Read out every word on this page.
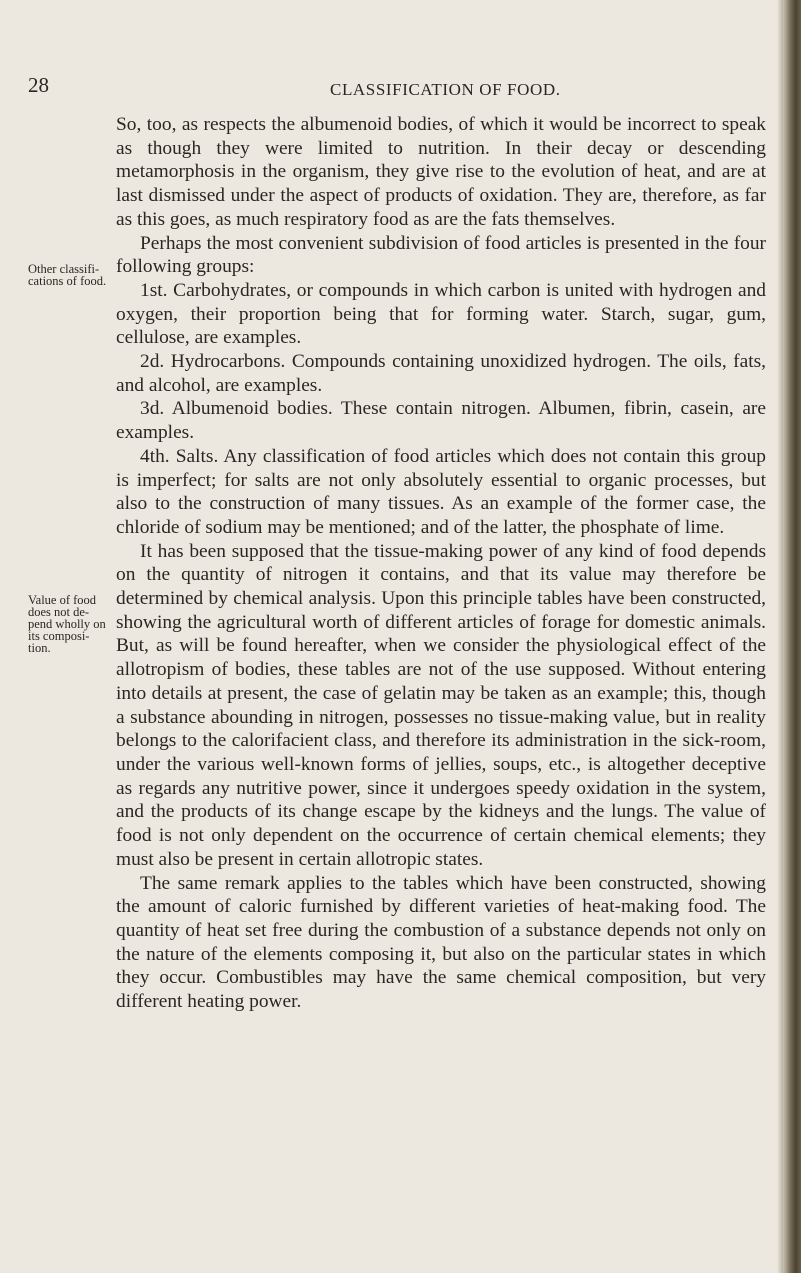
28	CLASSIFICATION OF FOOD.

So, too, as respects the albumenoid bodies, of which it would be incorrect to speak as though they were limited to nutrition. In their decay or descending metamorphosis in the organism, they give rise to the evolution of heat, and are at last dismissed under the aspect of products of oxidation. They are, therefore, as far as this goes, as much respiratory food as are the fats themselves.

Perhaps the most convenient subdivision of food articles is presented in the four following groups:

1st. Carbohydrates, or compounds in which carbon is united with hydrogen and oxygen, their proportion being that for forming water. Starch, sugar, gum, cellulose, are examples.

2d. Hydrocarbons. Compounds containing unoxidized hydrogen. The oils, fats, and alcohol, are examples.

3d. Albumenoid bodies. These contain nitrogen. Albumen, fibrin, casein, are examples.

4th. Salts. Any classification of food articles which does not contain this group is imperfect; for salts are not only absolutely essential to organic processes, but also to the construction of many tissues. As an example of the former case, the chloride of sodium may be mentioned; and of the latter, the phosphate of lime.

It has been supposed that the tissue-making power of any kind of food depends on the quantity of nitrogen it contains, and that its value may therefore be determined by chemical analysis. Upon this principle tables have been constructed, showing the agricultural worth of different articles of forage for domestic animals. But, as will be found hereafter, when we consider the physiological effect of the allotropism of bodies, these tables are not of the use supposed. Without entering into details at present, the case of gelatin may be taken as an example; this, though a substance abounding in nitrogen, possesses no tissue-making value, but in reality belongs to the calorifacient class, and therefore its administration in the sick-room, under the various well-known forms of jellies, soups, etc., is altogether deceptive as regards any nutritive power, since it undergoes speedy oxidation in the system, and the products of its change escape by the kidneys and the lungs. The value of food is not only dependent on the occurrence of certain chemical elements; they must also be present in certain allotropic states.

The same remark applies to the tables which have been constructed, showing the amount of caloric furnished by different varieties of heat-making food. The quantity of heat set free during the combustion of a substance depends not only on the nature of the elements composing it, but also on the particular states in which they occur. Combustibles may have the same chemical composition, but very different heating power.

Other classifi-
cations of food.
Value of food
does not de-
pend wholly on
its composi-
tion.
